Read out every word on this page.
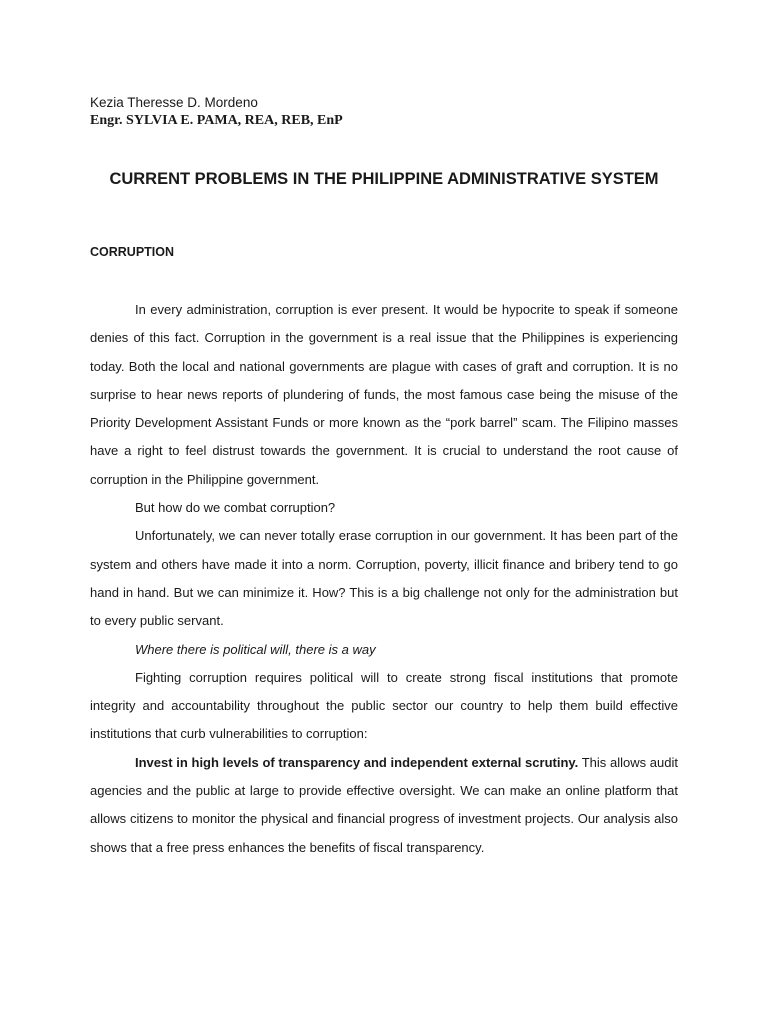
Kezia Theresse D. Mordeno
Engr. SYLVIA E. PAMA, REA, REB, EnP
CURRENT PROBLEMS IN THE PHILIPPINE ADMINISTRATIVE SYSTEM
CORRUPTION

In every administration, corruption is ever present. It would be hypocrite to speak if someone denies of this fact. Corruption in the government is a real issue that the Philippines is experiencing today. Both the local and national governments are plague with cases of graft and corruption. It is no surprise to hear news reports of plundering of funds, the most famous case being the misuse of the Priority Development Assistant Funds or more known as the “pork barrel” scam. The Filipino masses have a right to feel distrust towards the government. It is crucial to understand the root cause of corruption in the Philippine government.

But how do we combat corruption?

Unfortunately, we can never totally erase corruption in our government. It has been part of the system and others have made it into a norm. Corruption, poverty, illicit finance and bribery tend to go hand in hand. But we can minimize it. How? This is a big challenge not only for the administration but to every public servant.

Where there is political will, there is a way

Fighting corruption requires political will to create strong fiscal institutions that promote integrity and accountability throughout the public sector our country to help them build effective institutions that curb vulnerabilities to corruption:

Invest in high levels of transparency and independent external scrutiny. This allows audit agencies and the public at large to provide effective oversight. We can make an online platform that allows citizens to monitor the physical and financial progress of investment projects. Our analysis also shows that a free press enhances the benefits of fiscal transparency.
